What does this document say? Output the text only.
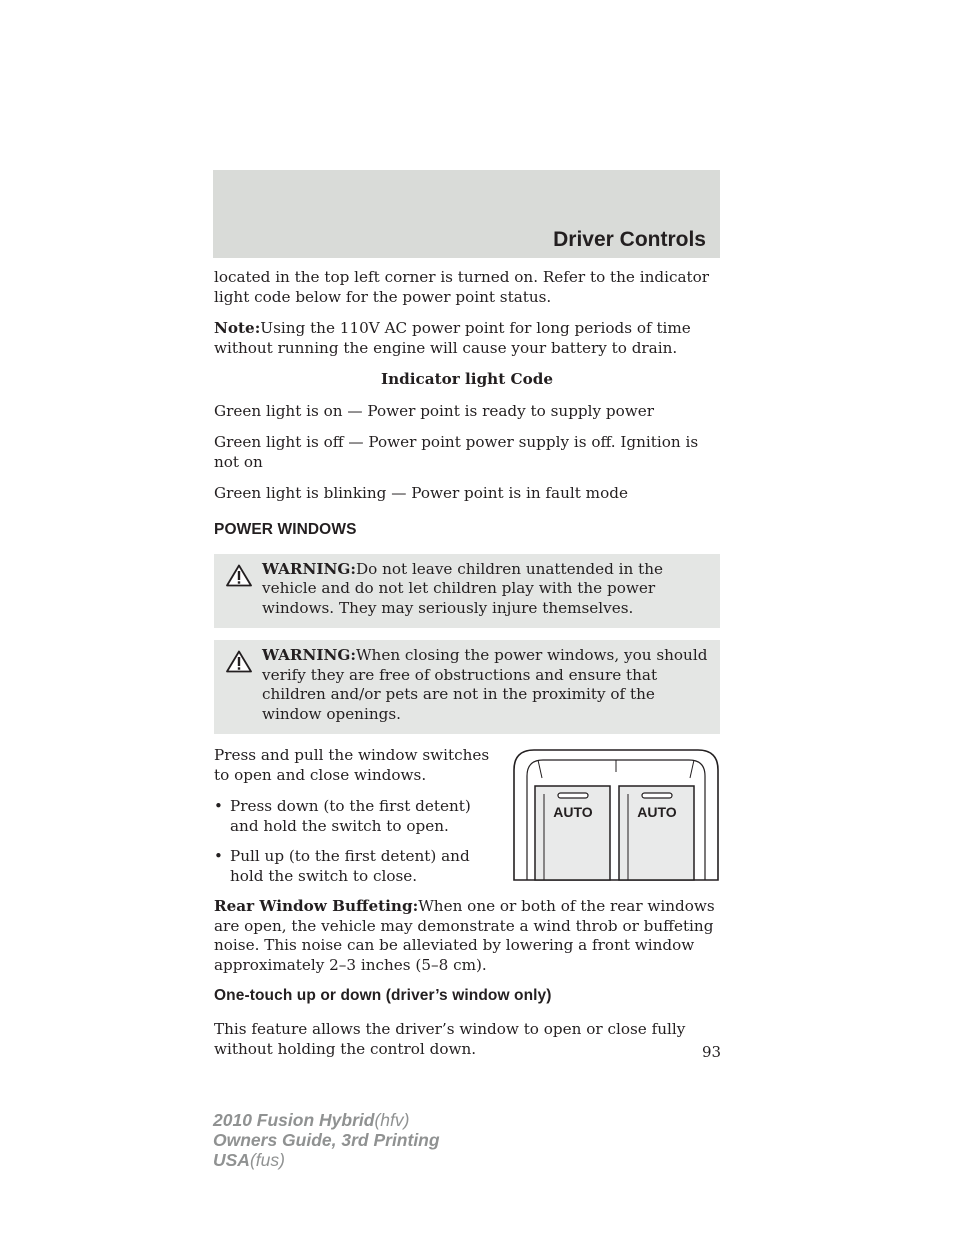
Driver Controls

located in the top left corner is turned on. Refer to the indicator light code below for the power point status.

Note:Using the 110V AC power point for long periods of time without running the engine will cause your battery to drain.

Indicator light Code

Green light is on — Power point is ready to supply power

Green light is off — Power point power supply is off. Ignition is not on

Green light is blinking — Power point is in fault mode

POWER WINDOWS

WARNING:Do not leave children unattended in the vehicle and do not let children play with the power windows. They may seriously injure themselves.

WARNING:When closing the power windows, you should verify they are free of obstructions and ensure that children and/or pets are not in the proximity of the window openings.

Press and pull the window switches to open and close windows.

• Press down (to the first detent) and hold the switch to open.
• Pull up (to the first detent) and hold the switch to close.
AUTO	AUTO

Rear Window Buffeting:When one or both of the rear windows are open, the vehicle may demonstrate a wind throb or buffeting noise. This noise can be alleviated by lowering a front window approximately 2–3 inches (5–8 cm).

One-touch up or down (driver’s window only)

This feature allows the driver’s window to open or close fully without holding the control down.	93
2010 Fusion Hybrid(hfv)
Owners Guide, 3rd Printing
USA(fus)
